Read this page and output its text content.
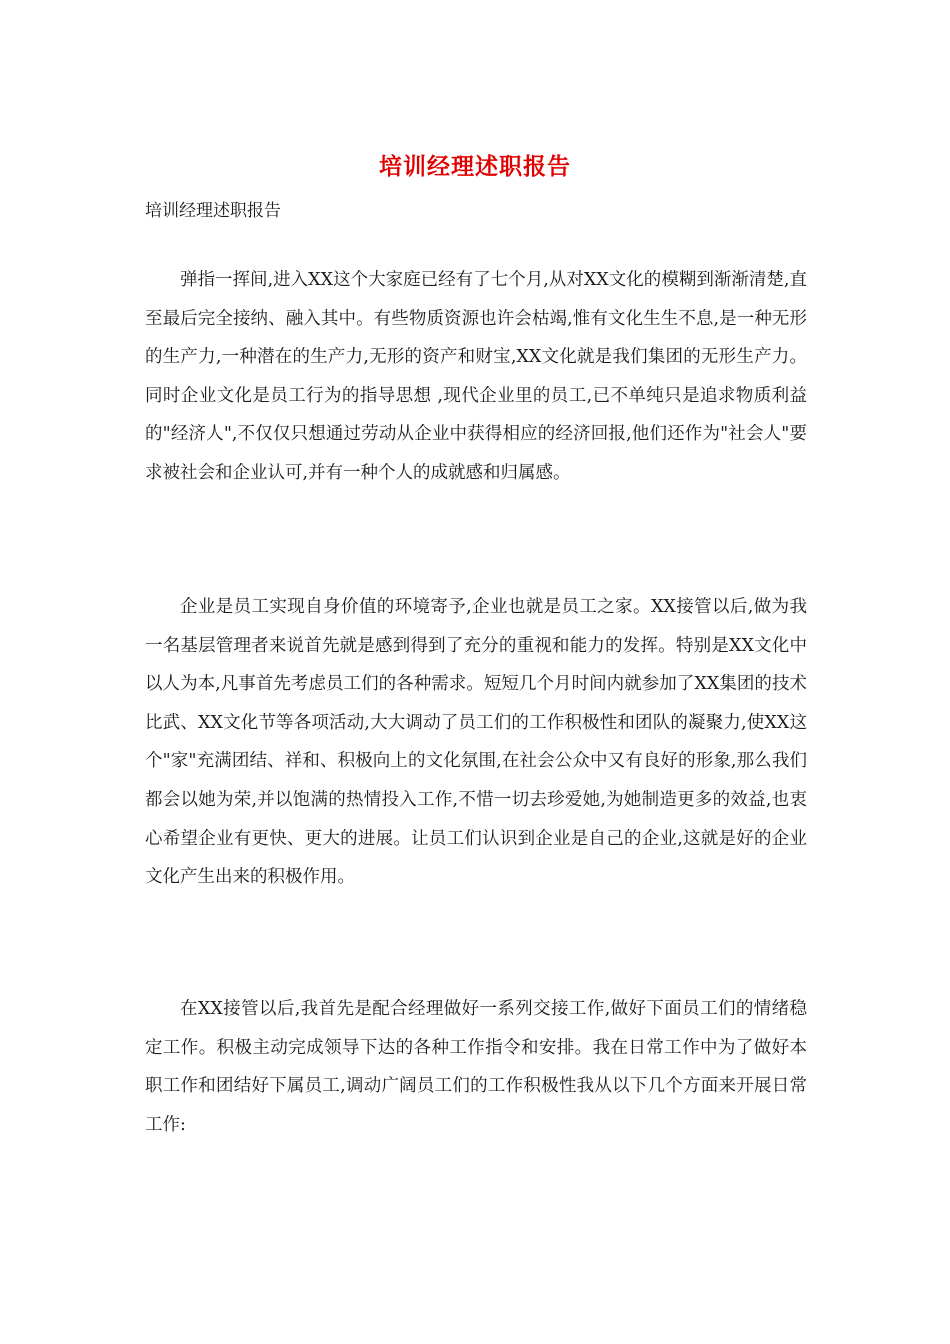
培训经理述职报告
培训经理述职报告

弹指一挥间,进入XX这个大家庭已经有了七个月,从对XX文化的模糊到渐渐清楚,直至最后完全接纳、融入其中。有些物质资源也许会枯竭,惟有文化生生不息,是一种无形的生产力,一种潜在的生产力,无形的资产和财宝,XX文化就是我们集团的无形生产力。同时企业文化是员工行为的指导思想 ,现代企业里的员工,已不单纯只是追求物质利益的"经济人",不仅仅只想通过劳动从企业中获得相应的经济回报,他们还作为"社会人"要求被社会和企业认可,并有一种个人的成就感和归属感。

企业是员工实现自身价值的环境寄予,企业也就是员工之家。XX接管以后,做为我一名基层管理者来说首先就是感到得到了充分的重视和能力的发挥。特别是XX文化中以人为本,凡事首先考虑员工们的各种需求。短短几个月时间内就参加了XX集团的技术比武、XX文化节等各项活动,大大调动了员工们的工作积极性和团队的凝聚力,使XX这个"家"充满团结、祥和、积极向上的文化氛围,在社会公众中又有良好的形象,那么我们都会以她为荣,并以饱满的热情投入工作,不惜一切去珍爱她,为她制造更多的效益,也衷心希望企业有更快、更大的进展。让员工们认识到企业是自己的企业,这就是好的企业文化产生出来的积极作用。

在XX接管以后,我首先是配合经理做好一系列交接工作,做好下面员工们的情绪稳定工作。积极主动完成领导下达的各种工作指令和安排。我在日常工作中为了做好本职工作和团结好下属员工,调动广阔员工们的工作积极性我从以下几个方面来开展日常工作:
